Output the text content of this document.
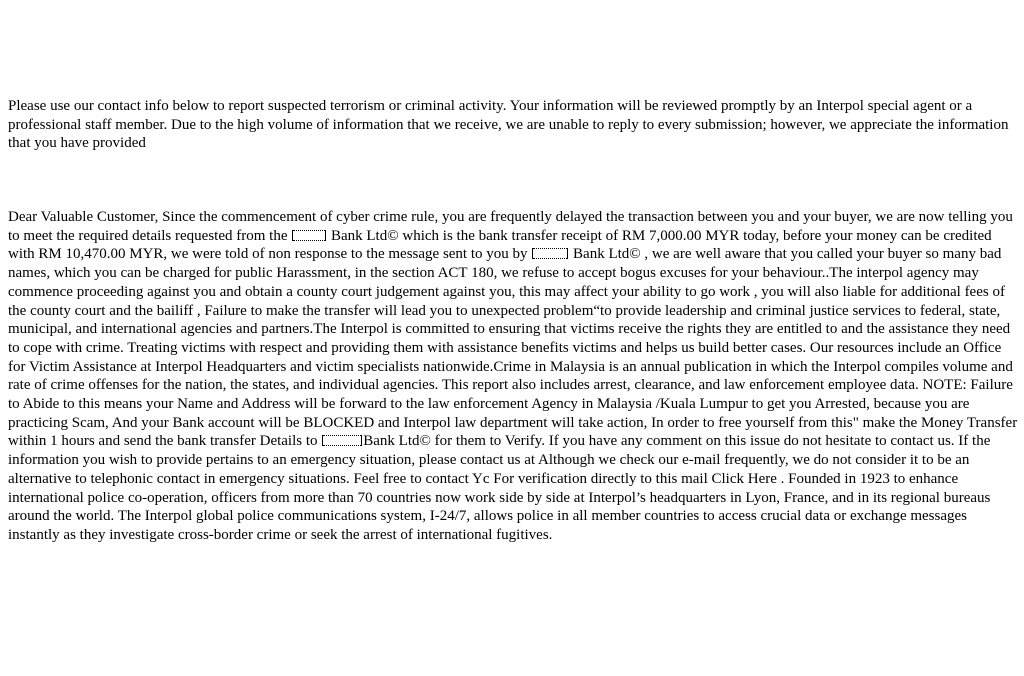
Please use our contact info below to report suspected terrorism or criminal activity. Your information will be reviewed promptly by an Interpol special agent or a professional staff member. Due to the high volume of information that we receive, we are unable to reply to every submission; however, we appreciate the information that you have provided

Dear Valuable Customer, Since the commencement of cyber crime rule, you are frequently delayed the transaction between you and your buyer, we are now telling you to meet the required details requested from the	Bank Ltd© which is the bank transfer receipt of RM 7,000.00 MYR today, before your money can be credited with RM 10,470.00 MYR, we were told of non response to the message sent to you by	Bank Ltd© , we are well aware that you called your buyer so many bad names, which you can be charged for public Harassment, in the section ACT 180, we refuse to accept bogus excuses for your behaviour..The interpol agency may commence proceeding against you and obtain a county court judgement against you, this may affect your ability to go work , you will also liable for additional fees of the county court and the bailiff , Failure to make the transfer will lead you to unexpected problem“to provide leadership and criminal justice services to federal, state, municipal, and international agencies and partners.The Interpol is committed to ensuring that victims receive the rights they are entitled to and the assistance they need to cope with crime. Treating victims with respect and providing them with assistance benefits victims and helps us build better cases. Our resources include an Office for Victim Assistance at Interpol Headquarters and victim specialists nationwide.Crime in Malaysia is an annual publication in which the Interpol compiles volume and rate of crime offenses for the nation, the states, and individual agencies. This report also includes arrest, clearance, and law enforcement employee data. NOTE: Failure to Abide to this means your Name and Address will be forward to the law enforcement Agency in Malaysia /Kuala Lumpur to get you Arrested, because you are practicing Scam, And your Bank account will be BLOCKED and Interpol law department will take action, In order to free yourself from this" make the Money Transfer within 1 hours and send the bank transfer Details to	Bank Ltd© for them to Verify. If you have any comment on this issue do not hesitate to contact us. If the information you wish to provide pertains to an emergency situation, please contact us at Although we check our e-mail frequently, we do not consider it to be an alternative to telephonic contact in emergency situations. Feel free to contact Yc For verification directly to this mail Click Here . Founded in 1923 to enhance international police co-operation, officers from more than 70 countries now work side by side at Interpol’s headquarters in Lyon, France, and in its regional bureaus around the world. The Interpol global police communications system, I-24/7, allows police in all member countries to access crucial data or exchange messages instantly as they investigate cross-border crime or seek the arrest of international fugitives.
